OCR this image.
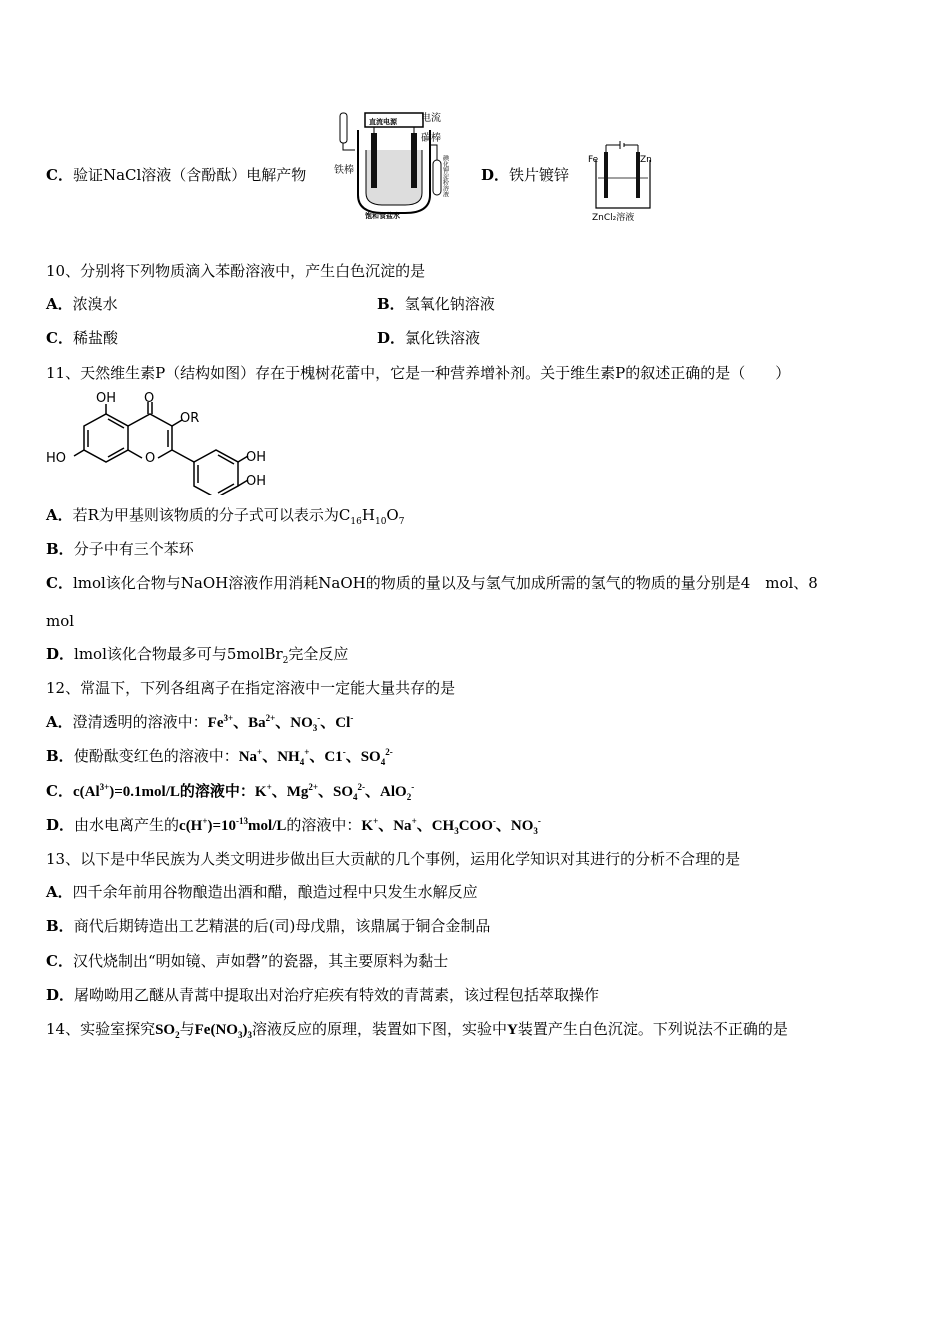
C．验证NaCl溶液（含酚酞）电解产物
直流电源 电流
碳棒
铁棒	碘化钾淀粉溶液
饱和食盐水
D．铁片镀锌
Fe	Zn
ZnCl₂溶液
10、分别将下列物质滴入苯酚溶液中，产生白色沉淀的是
A．浓溴水	B．氢氧化钠溶液
C．稀盐酸	D．氯化铁溶液
11、天然维生素P（结构如图）存在于槐树花蕾中，它是一种营养增补剂。关于维生素P的叙述正确的是（　　）
OH O
OR
HO	O	OH
OH
A．若R为甲基则该物质的分子式可以表示为$C_{16}H_{10}O_7$
B．分子中有三个苯环
C．lmol该化合物与NaOH溶液作用消耗NaOH的物质的量以及与氢气加成所需的氢气的物质的量分别是4　mol、8
mol
D．lmol该化合物最多可与5molBr$_2$完全反应
12、常温下，下列各组离子在指定溶液中一定能大量共存的是
A．澄清透明的溶液中：$Fe^{3+}$、$Ba^{2+}$、$NO_3^-$、Cl-
B．使酚酞变红色的溶液中：Na+、$NH_4^+$、C1-、$SO_4^{2-}$
C．$c(Al^{3+})=0.1mol/L$的溶液中：K+、$Mg^{2+}$、$SO_4^{2-}$、AlO$_2$-
D．由水电离产生的$c(H^+)=10^{-13}mol/L$的溶液中：K+、Na+、$CH_3COO^-$、$NO_3^-$
13、以下是中华民族为人类文明进步做出巨大贡献的几个事例，运用化学知识对其进行的分析不合理的是
A．四千余年前用谷物酿造出酒和醋，酿造过程中只发生水解反应
B．商代后期铸造出工艺精湛的后(司)母戊鼎，该鼎属于铜合金制品
C．汉代烧制出“明如镜、声如磬”的瓷器，其主要原料为黏士
D．屠呦呦用乙醚从青蒿中提取出对治疗疟疾有特效的青蒿素，该过程包括萃取操作
14、实验室探究$SO_2$与$Fe(NO_3)_3$溶液反应的原理，装置如下图，实验中Y装置产生白色沉淀。下列说法不正确的是
